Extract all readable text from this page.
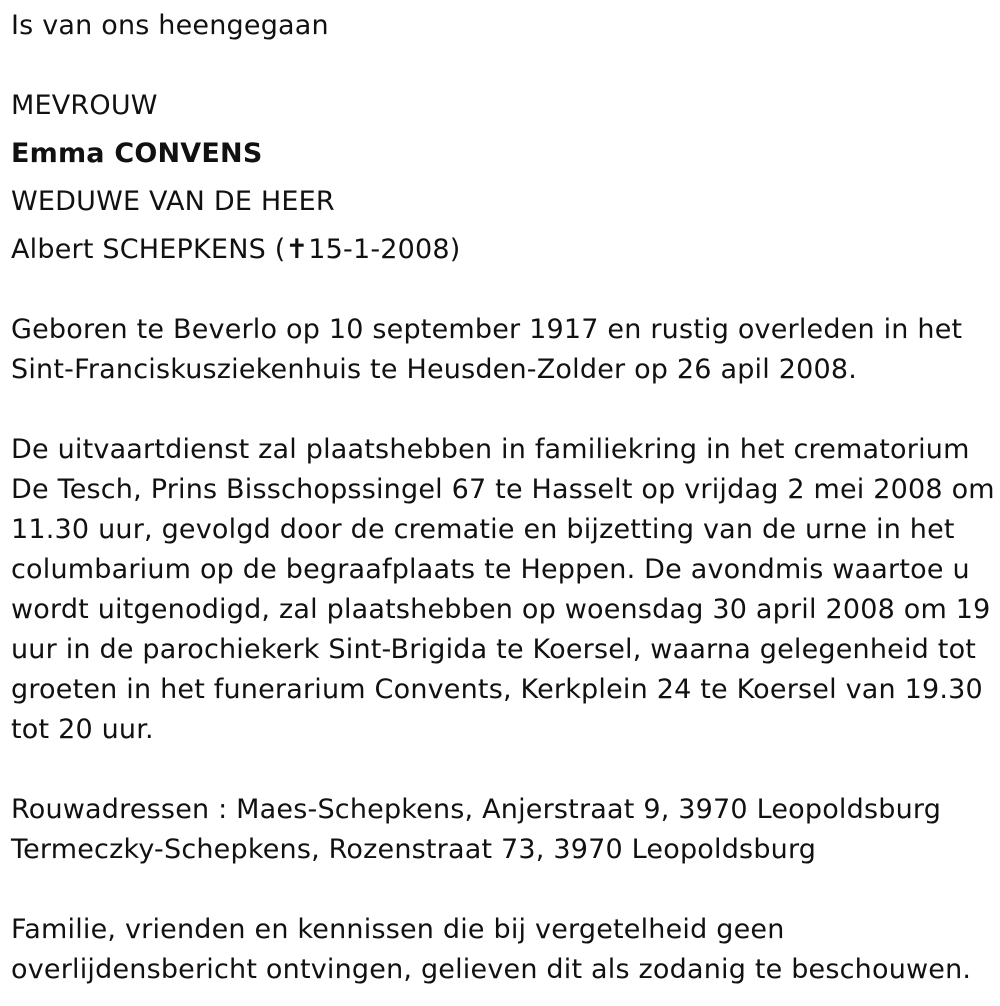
Is van ons heengegaan
MEVROUW
Emma CONVENS
WEDUWE VAN DE HEER
Albert SCHEPKENS (✝15-1-2008)
Geboren te Beverlo op 10 september 1917 en rustig overleden in het
Sint-Franciskusziekenhuis te Heusden-Zolder op 26 apil 2008.
De uitvaartdienst zal plaatshebben in familiekring in het crematorium
De Tesch, Prins Bisschopssingel 67 te Hasselt op vrijdag 2 mei 2008 om
11.30 uur, gevolgd door de crematie en bijzetting van de urne in het
columbarium op de begraafplaats te Heppen. De avondmis waartoe u
wordt uitgenodigd, zal plaatshebben op woensdag 30 april 2008 om 19
uur in de parochiekerk Sint-Brigida te Koersel, waarna gelegenheid tot
groeten in het funerarium Convents, Kerkplein 24 te Koersel van 19.30
tot 20 uur.
Rouwadressen : Maes-Schepkens, Anjerstraat 9, 3970 Leopoldsburg
Termeczky-Schepkens, Rozenstraat 73, 3970 Leopoldsburg
Familie, vrienden en kennissen die bij vergetelheid geen
overlijdensbericht ontvingen, gelieven dit als zodanig te beschouwen.
